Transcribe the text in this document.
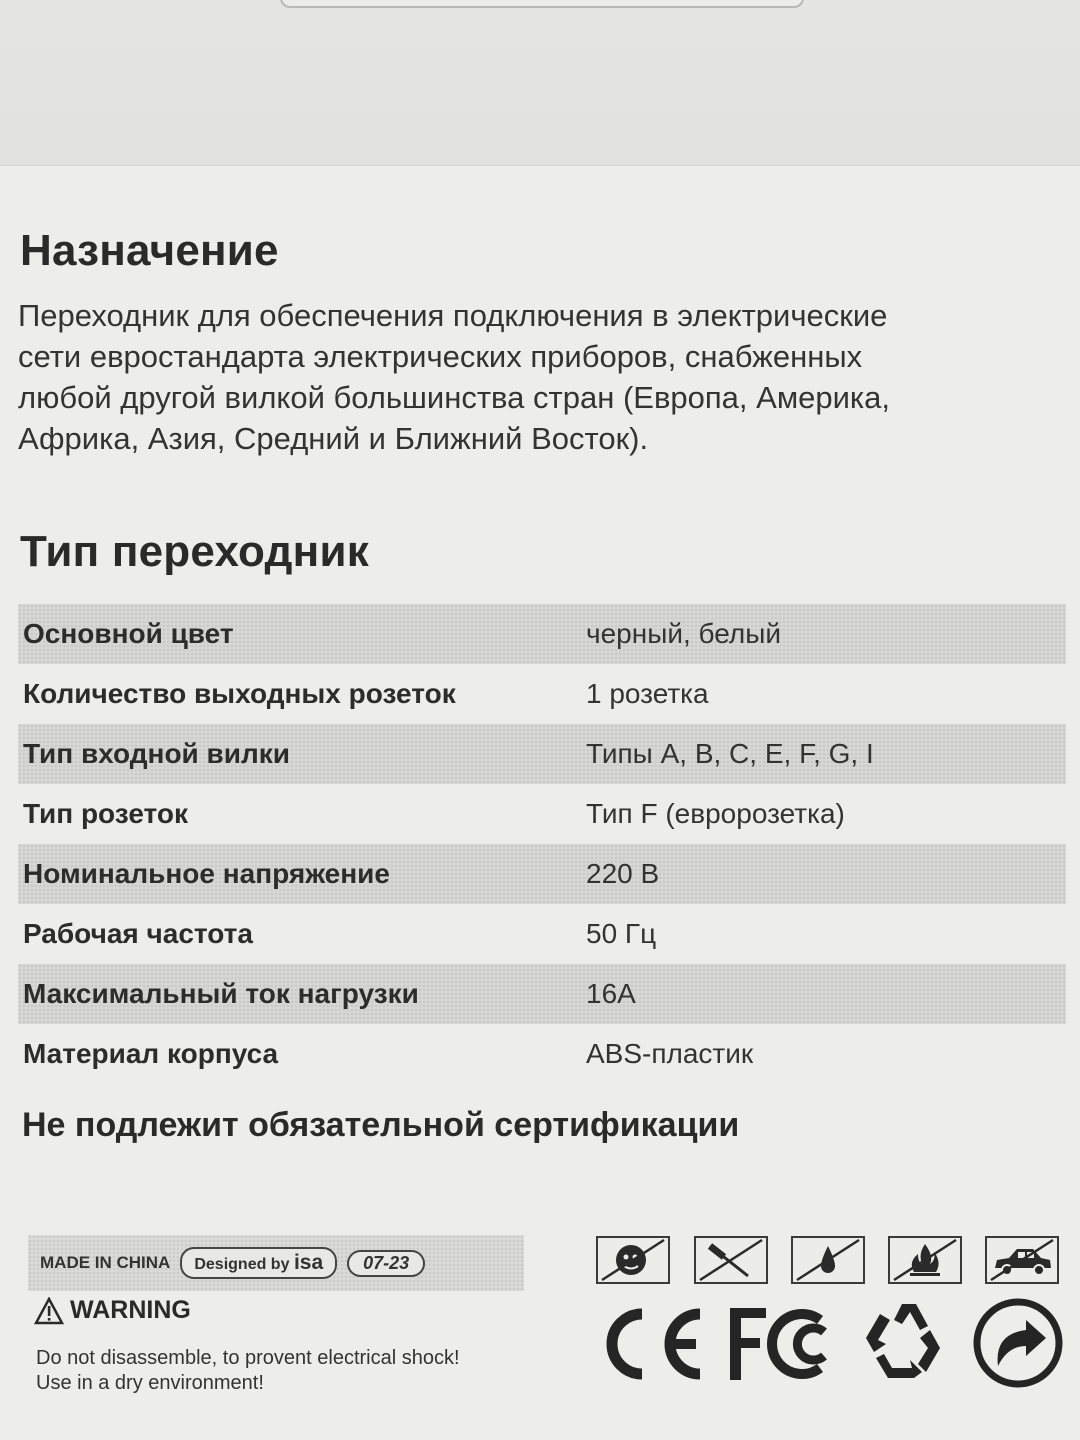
Назначение
Переходник для обеспечения подключения в электрические
сети евростандарта электрических приборов, снабженных
любой другой вилкой большинства стран (Европа, Америка,
Африка, Азия, Средний и Ближний Восток).
Тип переходник
Основной цвет	черный, белый
Количество выходных розеток	1 розетка
Тип входной вилки	Типы A, B, C, E, F, G, I
Тип розеток	Тип F (евророзетка)
Номинальное напряжение	220 В
Рабочая частота	50 Гц
Максимальный ток нагрузки	16А
Материал корпуса	ABS-пластик

Не подлежит обязательной сертификации

MADE IN CHINA	Designed by isa	07-23
WARNING
Do not disassemble, to provent electrical shock!
Use in a dry environment!
